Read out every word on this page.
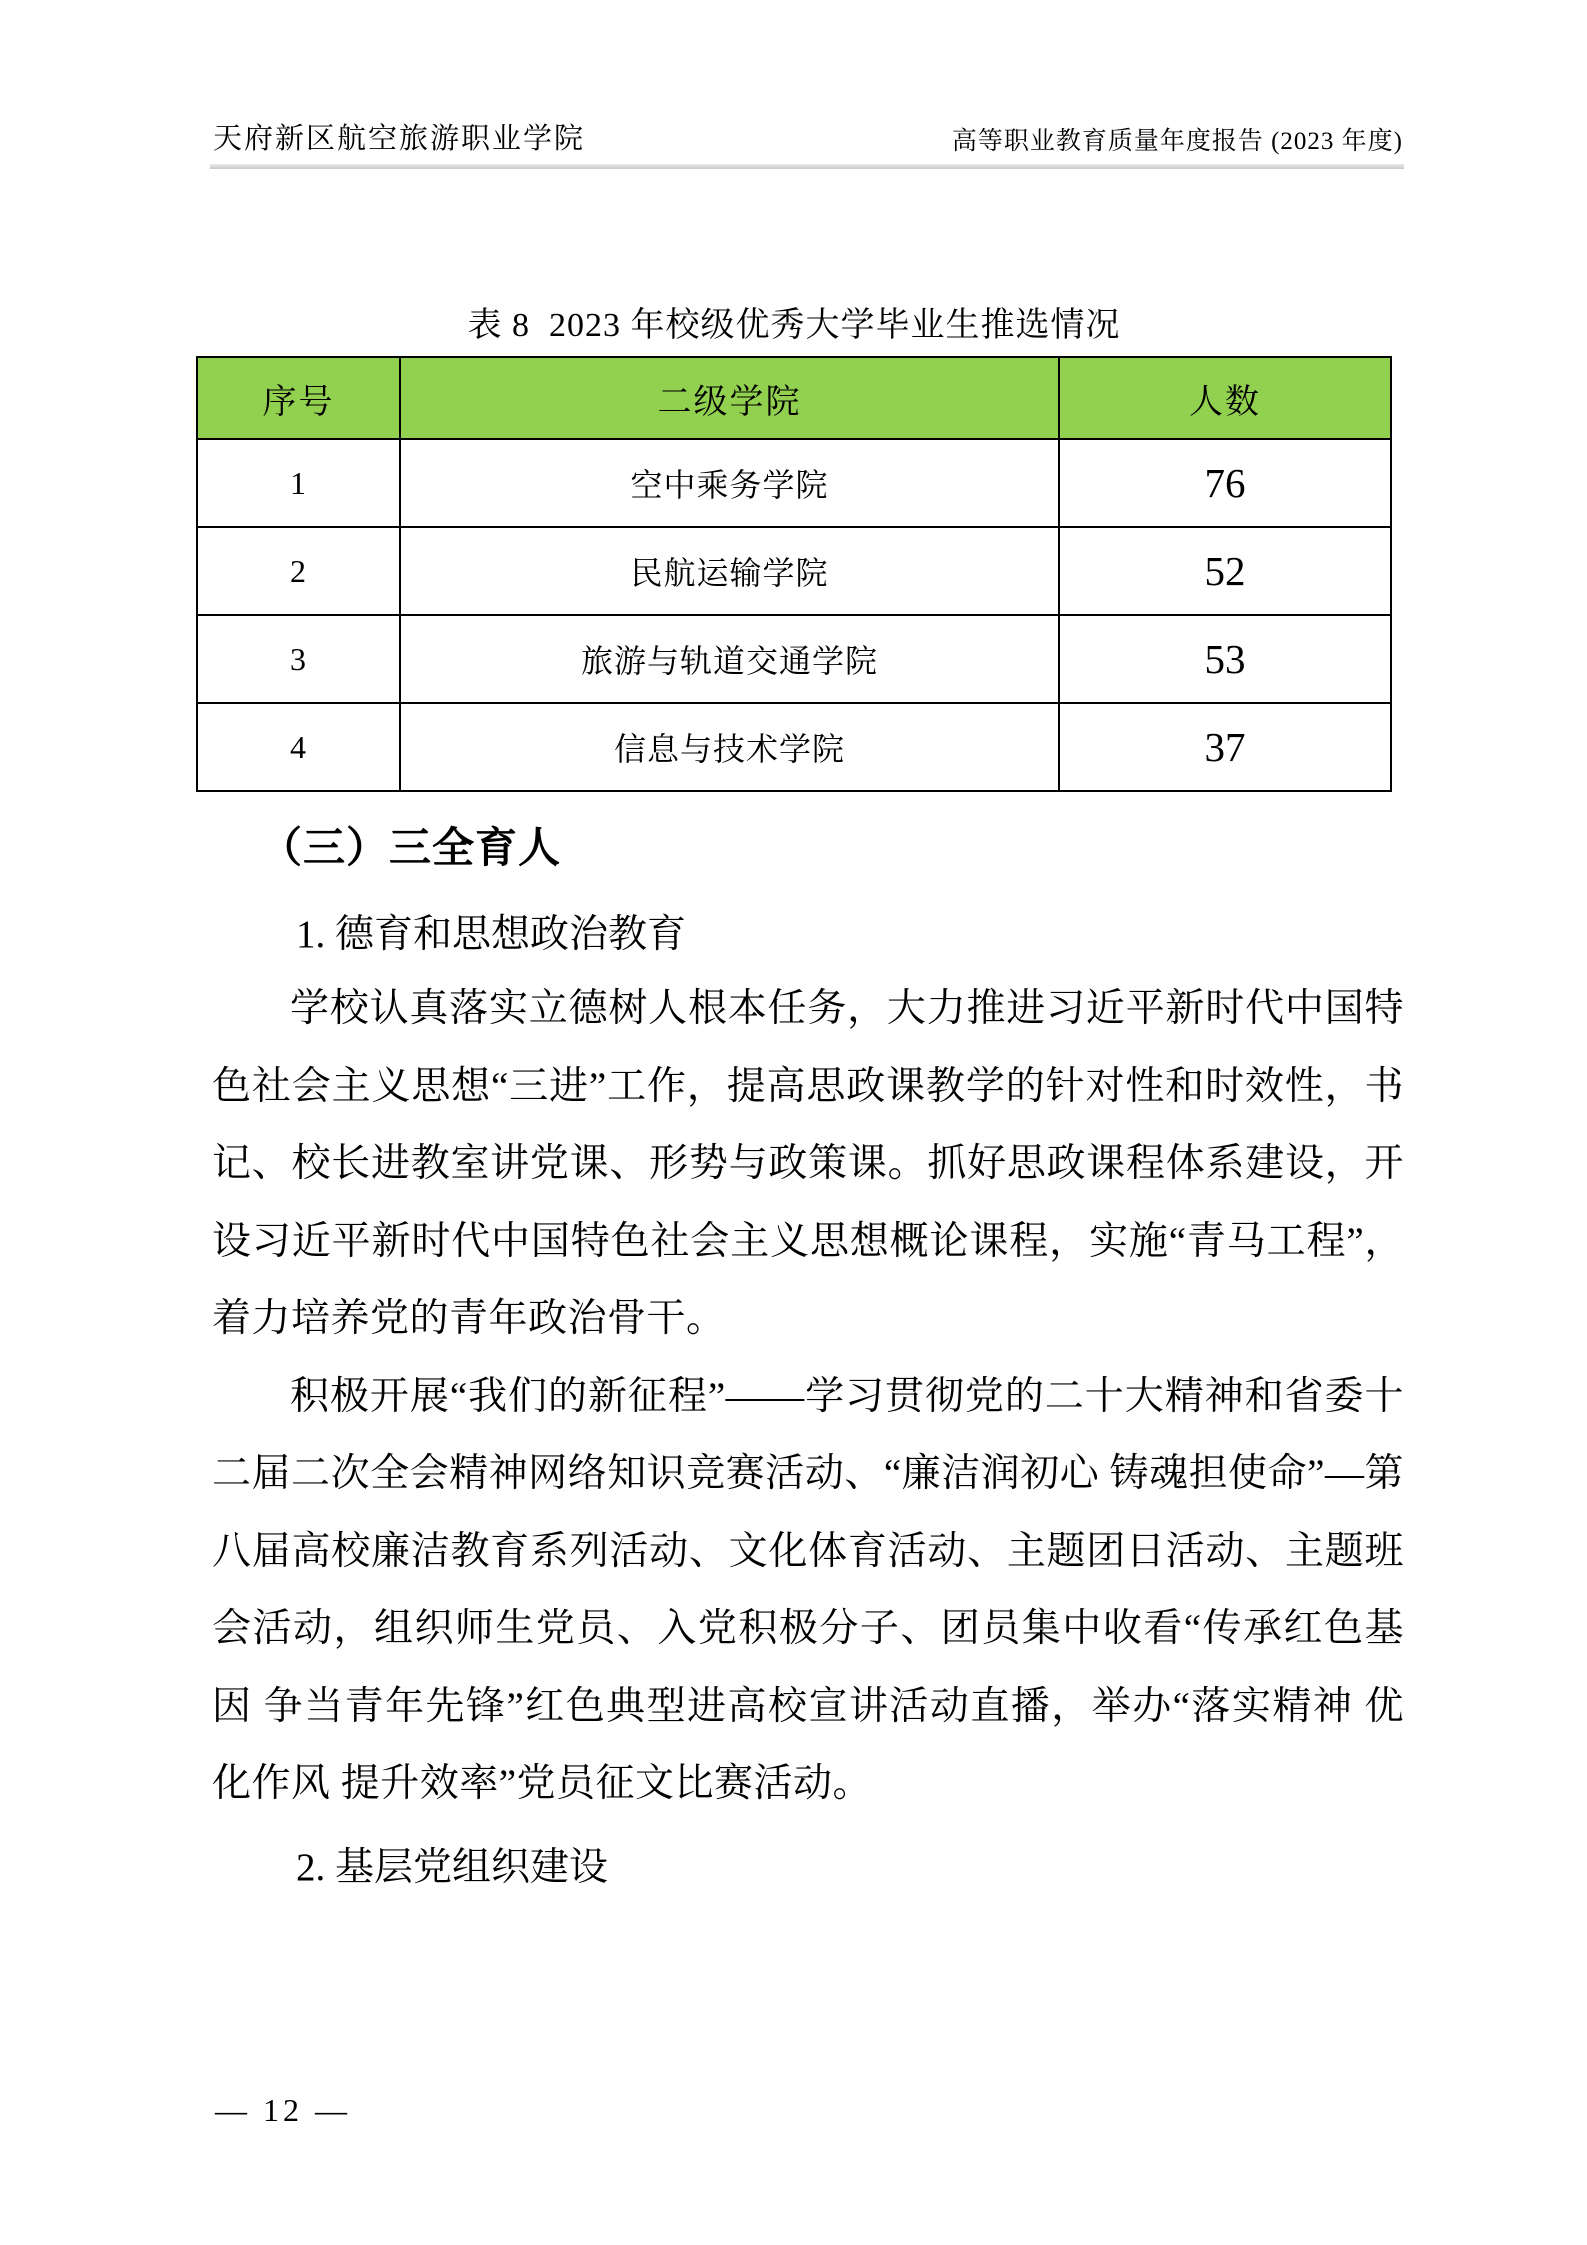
天府新区航空旅游职业学院	高等职业教育质量年度报告 (2023 年度)
表 8  2023 年校级优秀大学毕业生推选情况
序号	二级学院	人数
1	空中乘务学院	76
2	民航运输学院	52
3	旅游与轨道交通学院	53
4	信息与技术学院	37
（三）三全育人
1. 德育和思想政治教育
学校认真落实立德树人根本任务，大力推进习近平新时代中国特色社会主义思想“三进”工作，提高思政课教学的针对性和时效性，书记、校长进教室讲党课、形势与政策课。抓好思政课程体系建设，开设习近平新时代中国特色社会主义思想概论课程，实施“青马工程”，着力培养党的青年政治骨干。
积极开展“我们的新征程”——学习贯彻党的二十大精神和省委十二届二次全会精神网络知识竞赛活动、“廉洁润初心 铸魂担使命”—第八届高校廉洁教育系列活动、文化体育活动、主题团日活动、主题班会活动，组织师生党员、入党积极分子、团员集中收看“传承红色基因 争当青年先锋”红色典型进高校宣讲活动直播，举办“落实精神 优化作风 提升效率”党员征文比赛活动。
2. 基层党组织建设
— 12 —
